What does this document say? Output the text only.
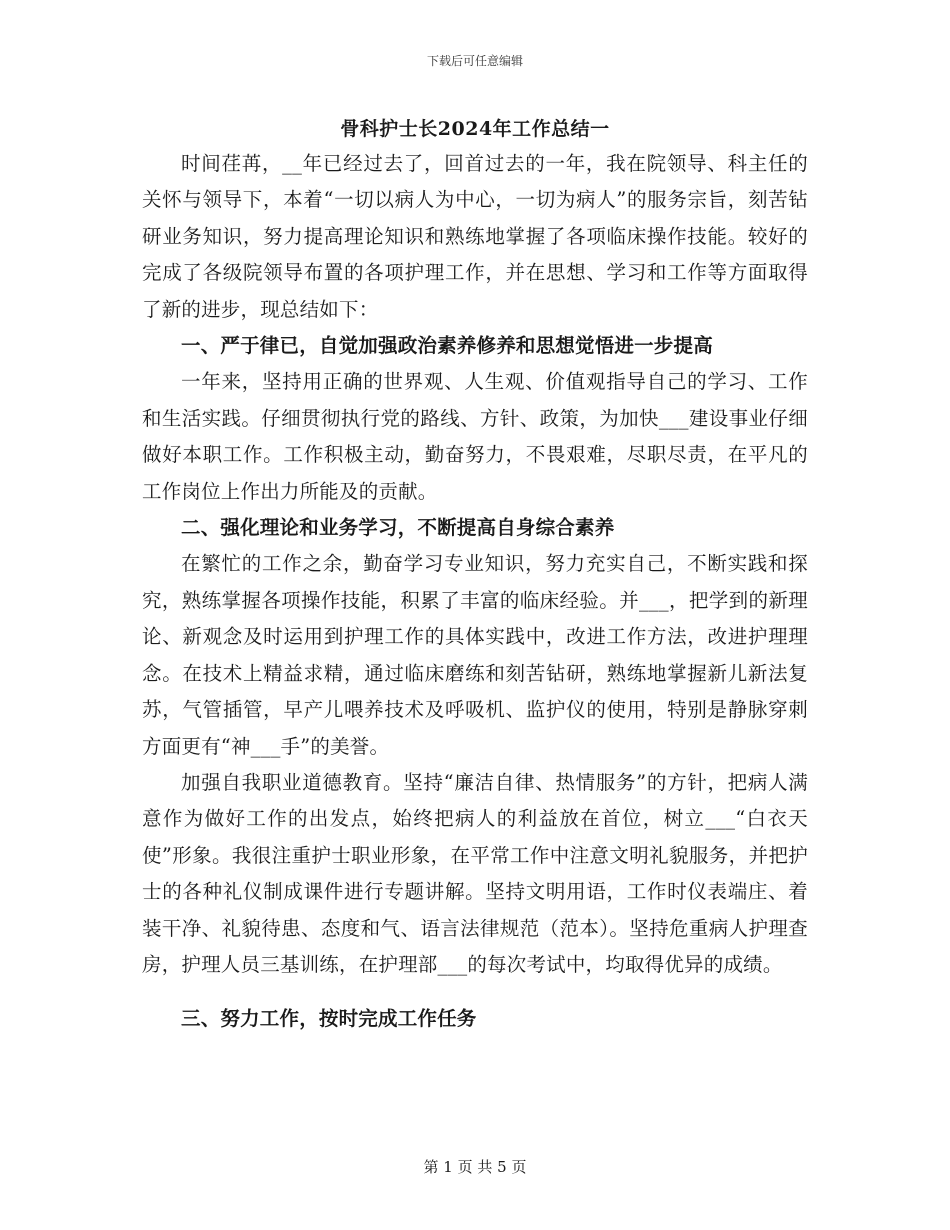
下载后可任意编辑
骨科护士长2024年工作总结一

时间荏苒，__年已经过去了，回首过去的一年，我在院领导、科主任的关怀与领导下，本着“一切以病人为中心，一切为病人”的服务宗旨，刻苦钻研业务知识，努力提高理论知识和熟练地掌握了各项临床操作技能。较好的完成了各级院领导布置的各项护理工作，并在思想、学习和工作等方面取得了新的进步，现总结如下：

一、严于律已，自觉加强政治素养修养和思想觉悟进一步提高

一年来，坚持用正确的世界观、人生观、价值观指导自己的学习、工作和生活实践。仔细贯彻执行党的路线、方针、政策，为加快___建设事业仔细做好本职工作。工作积极主动，勤奋努力，不畏艰难，尽职尽责，在平凡的工作岗位上作出力所能及的贡献。

二、强化理论和业务学习，不断提高自身综合素养

在繁忙的工作之余，勤奋学习专业知识，努力充实自己，不断实践和探究，熟练掌握各项操作技能，积累了丰富的临床经验。并___，把学到的新理论、新观念及时运用到护理工作的具体实践中，改进工作方法，改进护理理念。在技术上精益求精，通过临床磨练和刻苦钻研，熟练地掌握新儿新法复苏，气管插管，早产儿喂养技术及呼吸机、监护仪的使用，特别是静脉穿刺方面更有“神___手”的美誉。

加强自我职业道德教育。坚持“廉洁自律、热情服务”的方针，把病人满意作为做好工作的出发点，始终把病人的利益放在首位，树立___“白衣天使”形象。我很注重护士职业形象，在平常工作中注意文明礼貌服务，并把护士的各种礼仪制成课件进行专题讲解。坚持文明用语，工作时仪表端庄、着装干净、礼貌待患、态度和气、语言法律规范（范本）。坚持危重病人护理查房，护理人员三基训练，在护理部___的每次考试中，均取得优异的成绩。

三、努力工作，按时完成工作任务

第 1 页 共 5 页
